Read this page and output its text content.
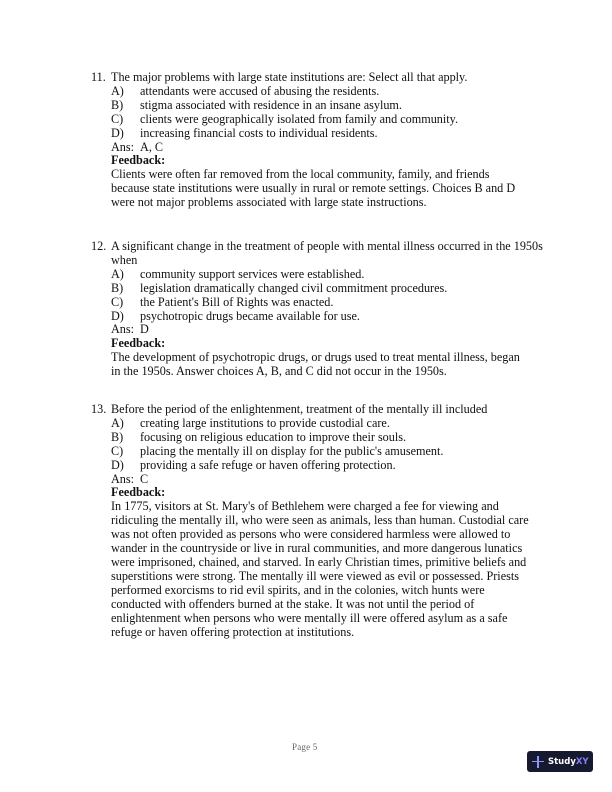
11. The major problems with large state institutions are: Select all that apply.
A) attendants were accused of abusing the residents.
B) stigma associated with residence in an insane asylum.
C) clients were geographically isolated from family and community.
D) increasing financial costs to individual residents.
Ans: A, C
Feedback:
Clients were often far removed from the local community, family, and friends because state institutions were usually in rural or remote settings. Choices B and D were not major problems associated with large state instructions.
12. A significant change in the treatment of people with mental illness occurred in the 1950s when
A) community support services were established.
B) legislation dramatically changed civil commitment procedures.
C) the Patient's Bill of Rights was enacted.
D) psychotropic drugs became available for use.
Ans: D
Feedback:
The development of psychotropic drugs, or drugs used to treat mental illness, began in the 1950s. Answer choices A, B, and C did not occur in the 1950s.
13. Before the period of the enlightenment, treatment of the mentally ill included
A) creating large institutions to provide custodial care.
B) focusing on religious education to improve their souls.
C) placing the mentally ill on display for the public's amusement.
D) providing a safe refuge or haven offering protection.
Ans: C
Feedback:
In 1775, visitors at St. Mary's of Bethlehem were charged a fee for viewing and ridiculing the mentally ill, who were seen as animals, less than human. Custodial care was not often provided as persons who were considered harmless were allowed to wander in the countryside or live in rural communities, and more dangerous lunatics were imprisoned, chained, and starved. In early Christian times, primitive beliefs and superstitions were strong. The mentally ill were viewed as evil or possessed. Priests performed exorcisms to rid evil spirits, and in the colonies, witch hunts were conducted with offenders burned at the stake. It was not until the period of enlightenment when persons who were mentally ill were offered asylum as a safe refuge or haven offering protection at institutions.
Page 5
Study XY
